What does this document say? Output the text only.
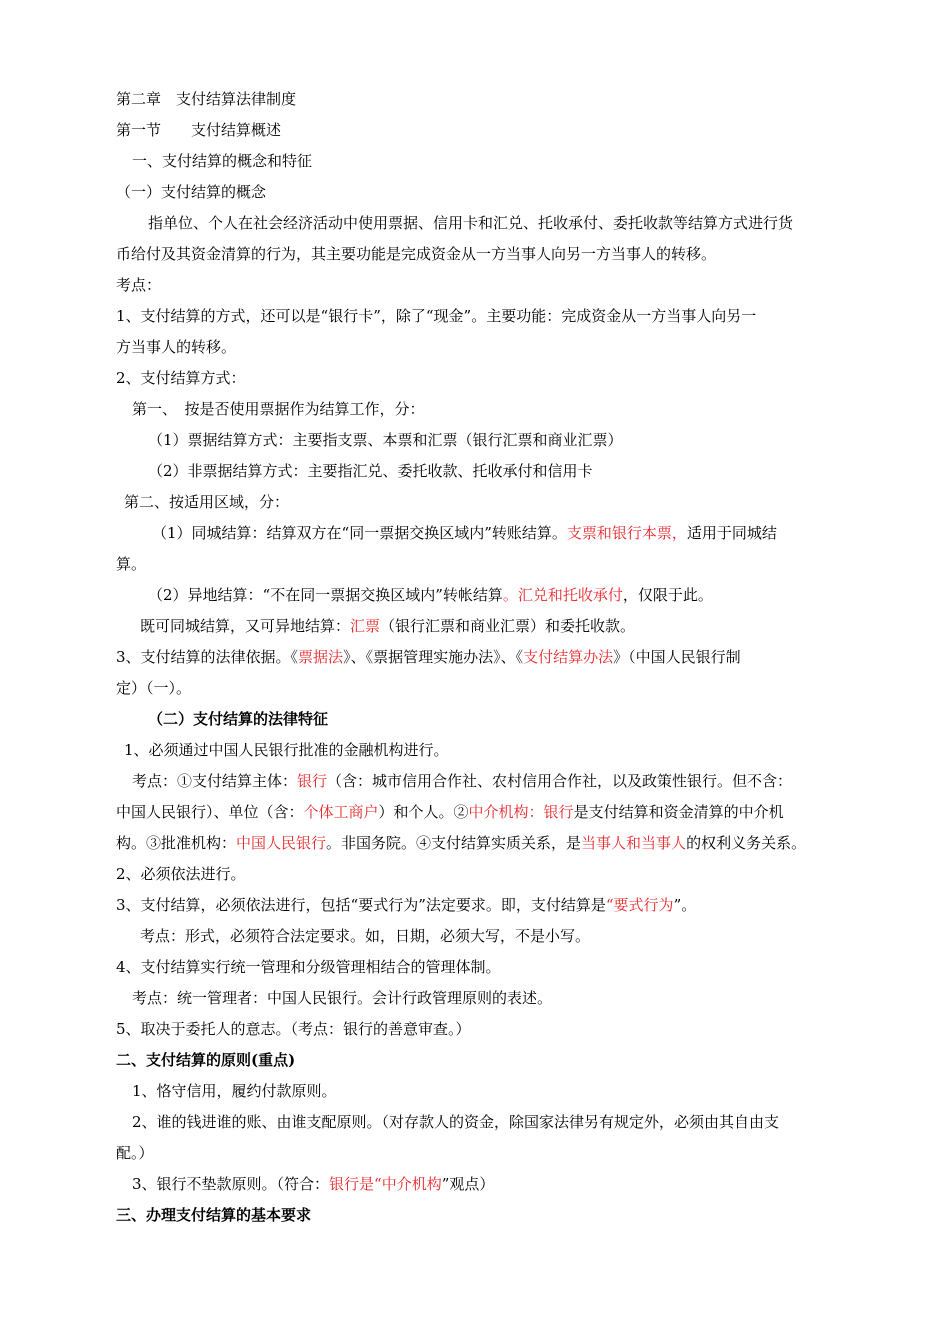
第二章　支付结算法律制度
第一节　　支付结算概述
一、支付结算的概念和特征
（一）支付结算的概念
指单位、个人在社会经济活动中使用票据、信用卡和汇兑、托收承付、委托收款等结算方式进行货
币给付及其资金清算的行为，其主要功能是完成资金从一方当事人向另一方当事人的转移。
考点：
1、支付结算的方式，还可以是“银行卡”，除了“现金”。主要功能：完成资金从一方当事人向另一
方当事人的转移。
2、支付结算方式：
第一、　按是否使用票据作为结算工作，分：
（1）票据结算方式：主要指支票、本票和汇票（银行汇票和商业汇票）
（2）非票据结算方式：主要指汇兑、委托收款、托收承付和信用卡
第二、按适用区域，分：
（1）同城结算：结算双方在“同一票据交换区域内”转账结算。支票和银行本票，适用于同城结
算。
（2）异地结算：“不在同一票据交换区域内”转帐结算。汇兑和托收承付，仅限于此。
既可同城结算，又可异地结算：汇票（银行汇票和商业汇票）和委托收款。
3、支付结算的法律依据。《票据法》、《票据管理实施办法》、《支付结算办法》（中国人民银行制
定）（一）。
（二）支付结算的法律特征
1、必须通过中国人民银行批准的金融机构进行。
考点：①支付结算主体：银行（含：城市信用合作社、农村信用合作社，以及政策性银行。但不含：
中国人民银行）、单位（含：个体工商户）和个人。②中介机构：银行是支付结算和资金清算的中介机
构。③批准机构：中国人民银行。非国务院。④支付结算实质关系，是当事人和当事人的权利义务关系。
2、必须依法进行。
3、支付结算，必须依法进行，包括“要式行为”法定要求。即，支付结算是“要式行为”。
考点：形式，必须符合法定要求。如，日期，必须大写，不是小写。
4、支付结算实行统一管理和分级管理相结合的管理体制。
考点：统一管理者：中国人民银行。会计行政管理原则的表述。
5、取决于委托人的意志。（考点：银行的善意审查。）
二、支付结算的原则(重点)
1、恪守信用，履约付款原则。
2、谁的钱进谁的账、由谁支配原则。（对存款人的资金，除国家法律另有规定外，必须由其自由支
配。）
3、银行不垫款原则。（符合：银行是“中介机构”观点）
三、办理支付结算的基本要求
